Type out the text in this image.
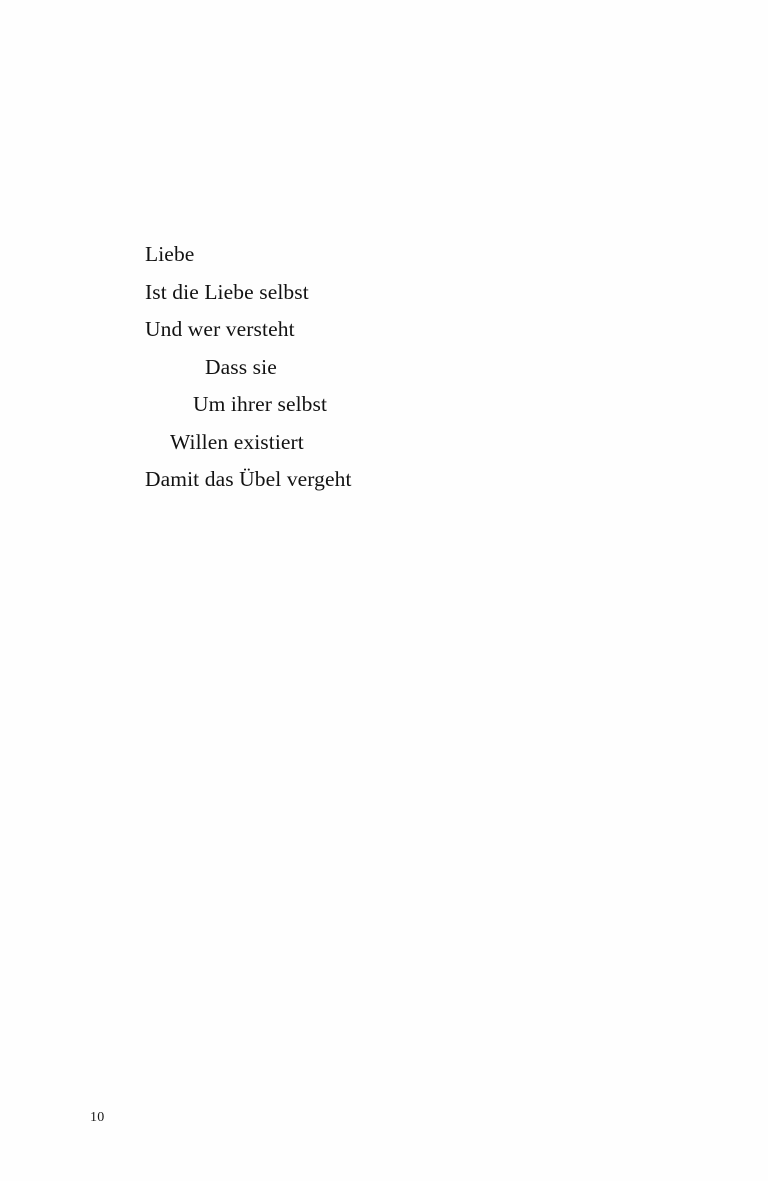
Liebe
Ist die Liebe selbst
Und wer versteht
Dass sie
Um ihrer selbst
Willen existiert
Damit das Übel vergeht
10
